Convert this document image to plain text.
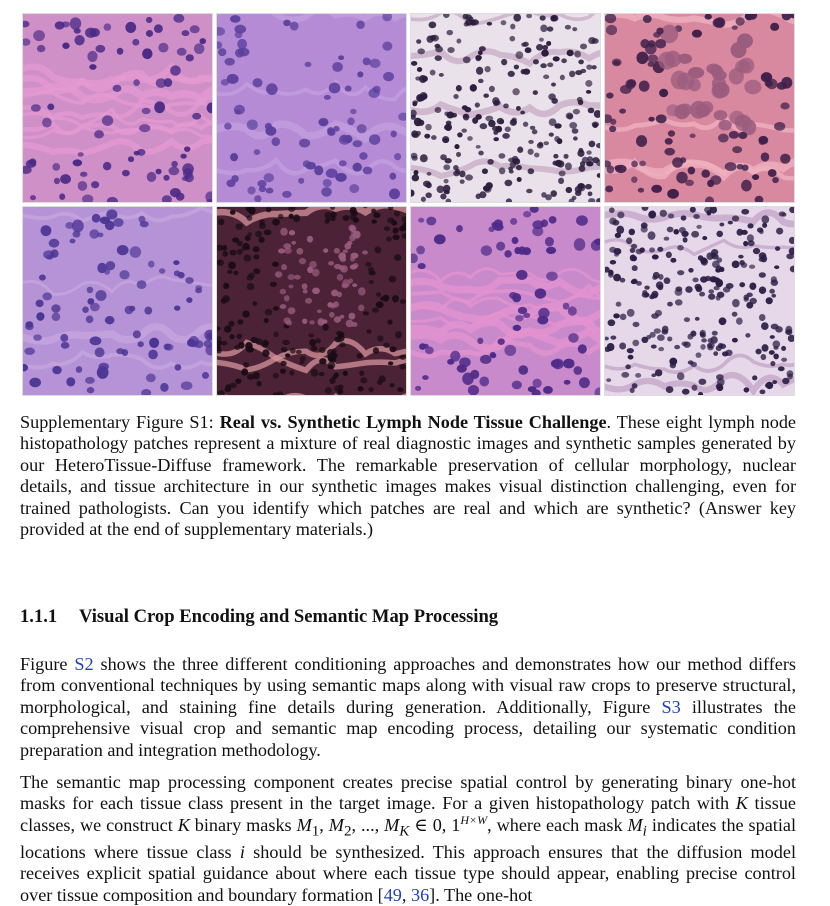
Supplementary Figure S1: Real vs. Synthetic Lymph Node Tissue Challenge. These eight lymph node histopathology patches represent a mixture of real diagnostic images and synthetic samples generated by our HeteroTissue-Diffuse framework. The remarkable preservation of cellular morphology, nuclear details, and tissue architecture in our synthetic images makes visual distinction challenging, even for trained pathologists. Can you identify which patches are real and which are synthetic? (Answer key provided at the end of supplementary materials.)
1.1.1 Visual Crop Encoding and Semantic Map Processing

Figure S2 shows the three different conditioning approaches and demonstrates how our method differs from conventional techniques by using semantic maps along with visual raw crops to preserve structural, morphological, and staining fine details during generation. Additionally, Figure S3 illustrates the comprehensive visual crop and semantic map encoding process, detailing our systematic condition preparation and integration methodology.

The semantic map processing component creates precise spatial control by generating binary one-hot masks for each tissue class present in the target image. For a given histopathology patch with K tissue classes, we construct K binary masks $M_1$, $M_2$, ..., $M_K$ ∈ 0, $1^{H\times W}$, where each mask $M_i$ indicates the spatial locations where tissue class i should be synthesized. This approach ensures that the diffusion model receives explicit spatial guidance about where each tissue type should appear, enabling precise control over tissue composition and boundary formation [49, 36]. The one-hot
